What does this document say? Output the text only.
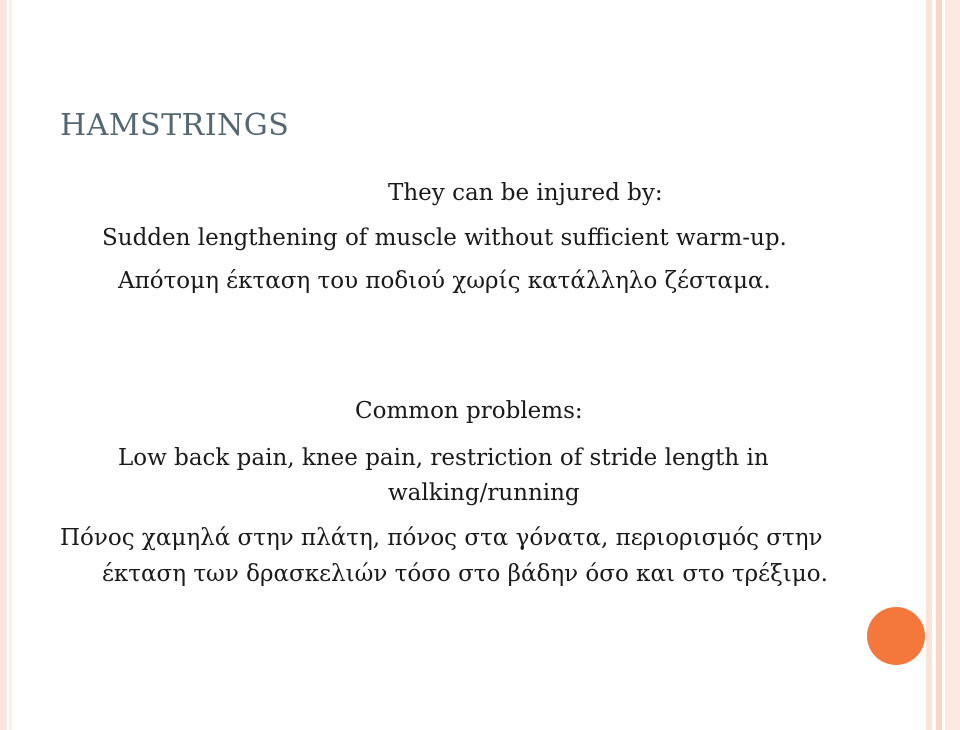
HAMSTRINGS

They can be injured by:

Sudden lengthening of muscle without sufficient warm-up.

Απότομη έκταση του ποδιού χωρίς κατάλληλο ζέσταμα.

Common problems:

Low back pain, knee pain, restriction of stride length in

walking/running

Πόνος χαμηλά στην πλάτη, πόνος στα γόνατα, περιορισμός στην

έκταση των δρασκελιών τόσο στο βάδην όσο και στο τρέξιμο.
